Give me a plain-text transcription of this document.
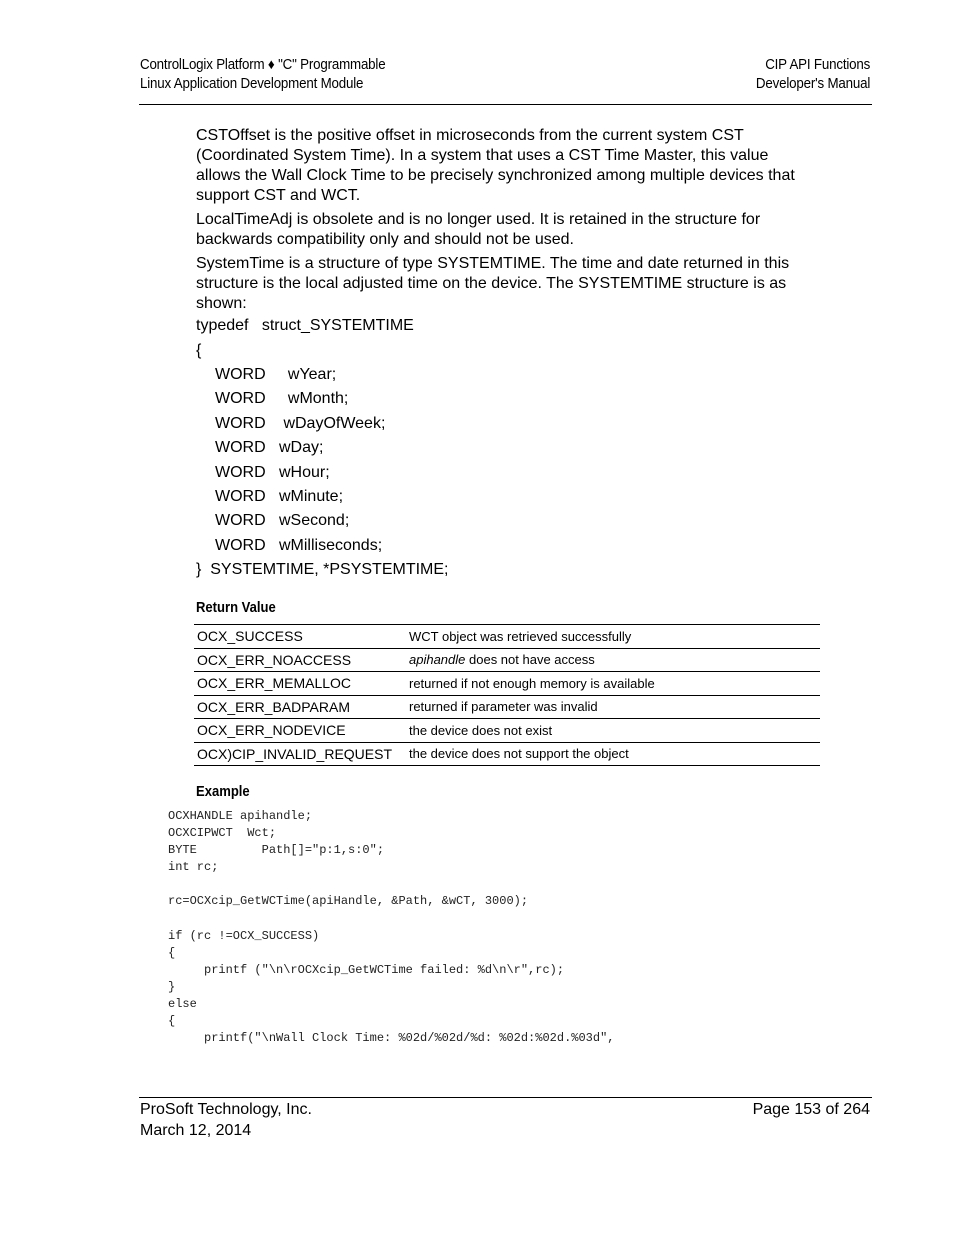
ControlLogix Platform ♦ "C" Programmable
Linux Application Development Module
CIP API Functions
Developer's Manual

CSTOffset is the positive offset in microseconds from the current system CST (Coordinated System Time). In a system that uses a CST Time Master, this value allows the Wall Clock Time to be precisely synchronized among multiple devices that support CST and WCT.

LocalTimeAdj is obsolete and is no longer used. It is retained in the structure for backwards compatibility only and should not be used.

SystemTime is a structure of type SYSTEMTIME. The time and date returned in this structure is the local adjusted time on the device. The SYSTEMTIME structure is as shown:

typedef   struct_SYSTEMTIME
{
WORD     wYear;
WORD     wMonth;
WORD    wDayOfWeek;
WORD   wDay;
WORD   wHour;
WORD   wMinute;
WORD   wSecond;
WORD   wMilliseconds;
}  SYSTEMTIME, *PSYSTEMTIME;
Return Value
OCX_SUCCESS	WCT object was retrieved successfully
OCX_ERR_NOACCESS	apihandle does not have access
OCX_ERR_MEMALLOC	returned if not enough memory is available
OCX_ERR_BADPARAM	returned if parameter was invalid
OCX_ERR_NODEVICE	the device does not exist
OCX)CIP_INVALID_REQUEST	the device does not support the object
Example
OCXHANDLE apihandle;
OCXCIPWCT  Wct;
BYTE         Path[]="p:1,s:0";
int rc;

rc=OCXcip_GetWCTime(apiHandle, &Path, &wCT, 3000);

if (rc !=OCX_SUCCESS)
{
printf ("\n\rOCXcip_GetWCTime failed: %d\n\r",rc);
}
else
{
printf("\nWall Clock Time: %02d/%02d/%d: %02d:%02d.%03d",
ProSoft Technology, Inc.
March 12, 2014
Page 153 of 264
